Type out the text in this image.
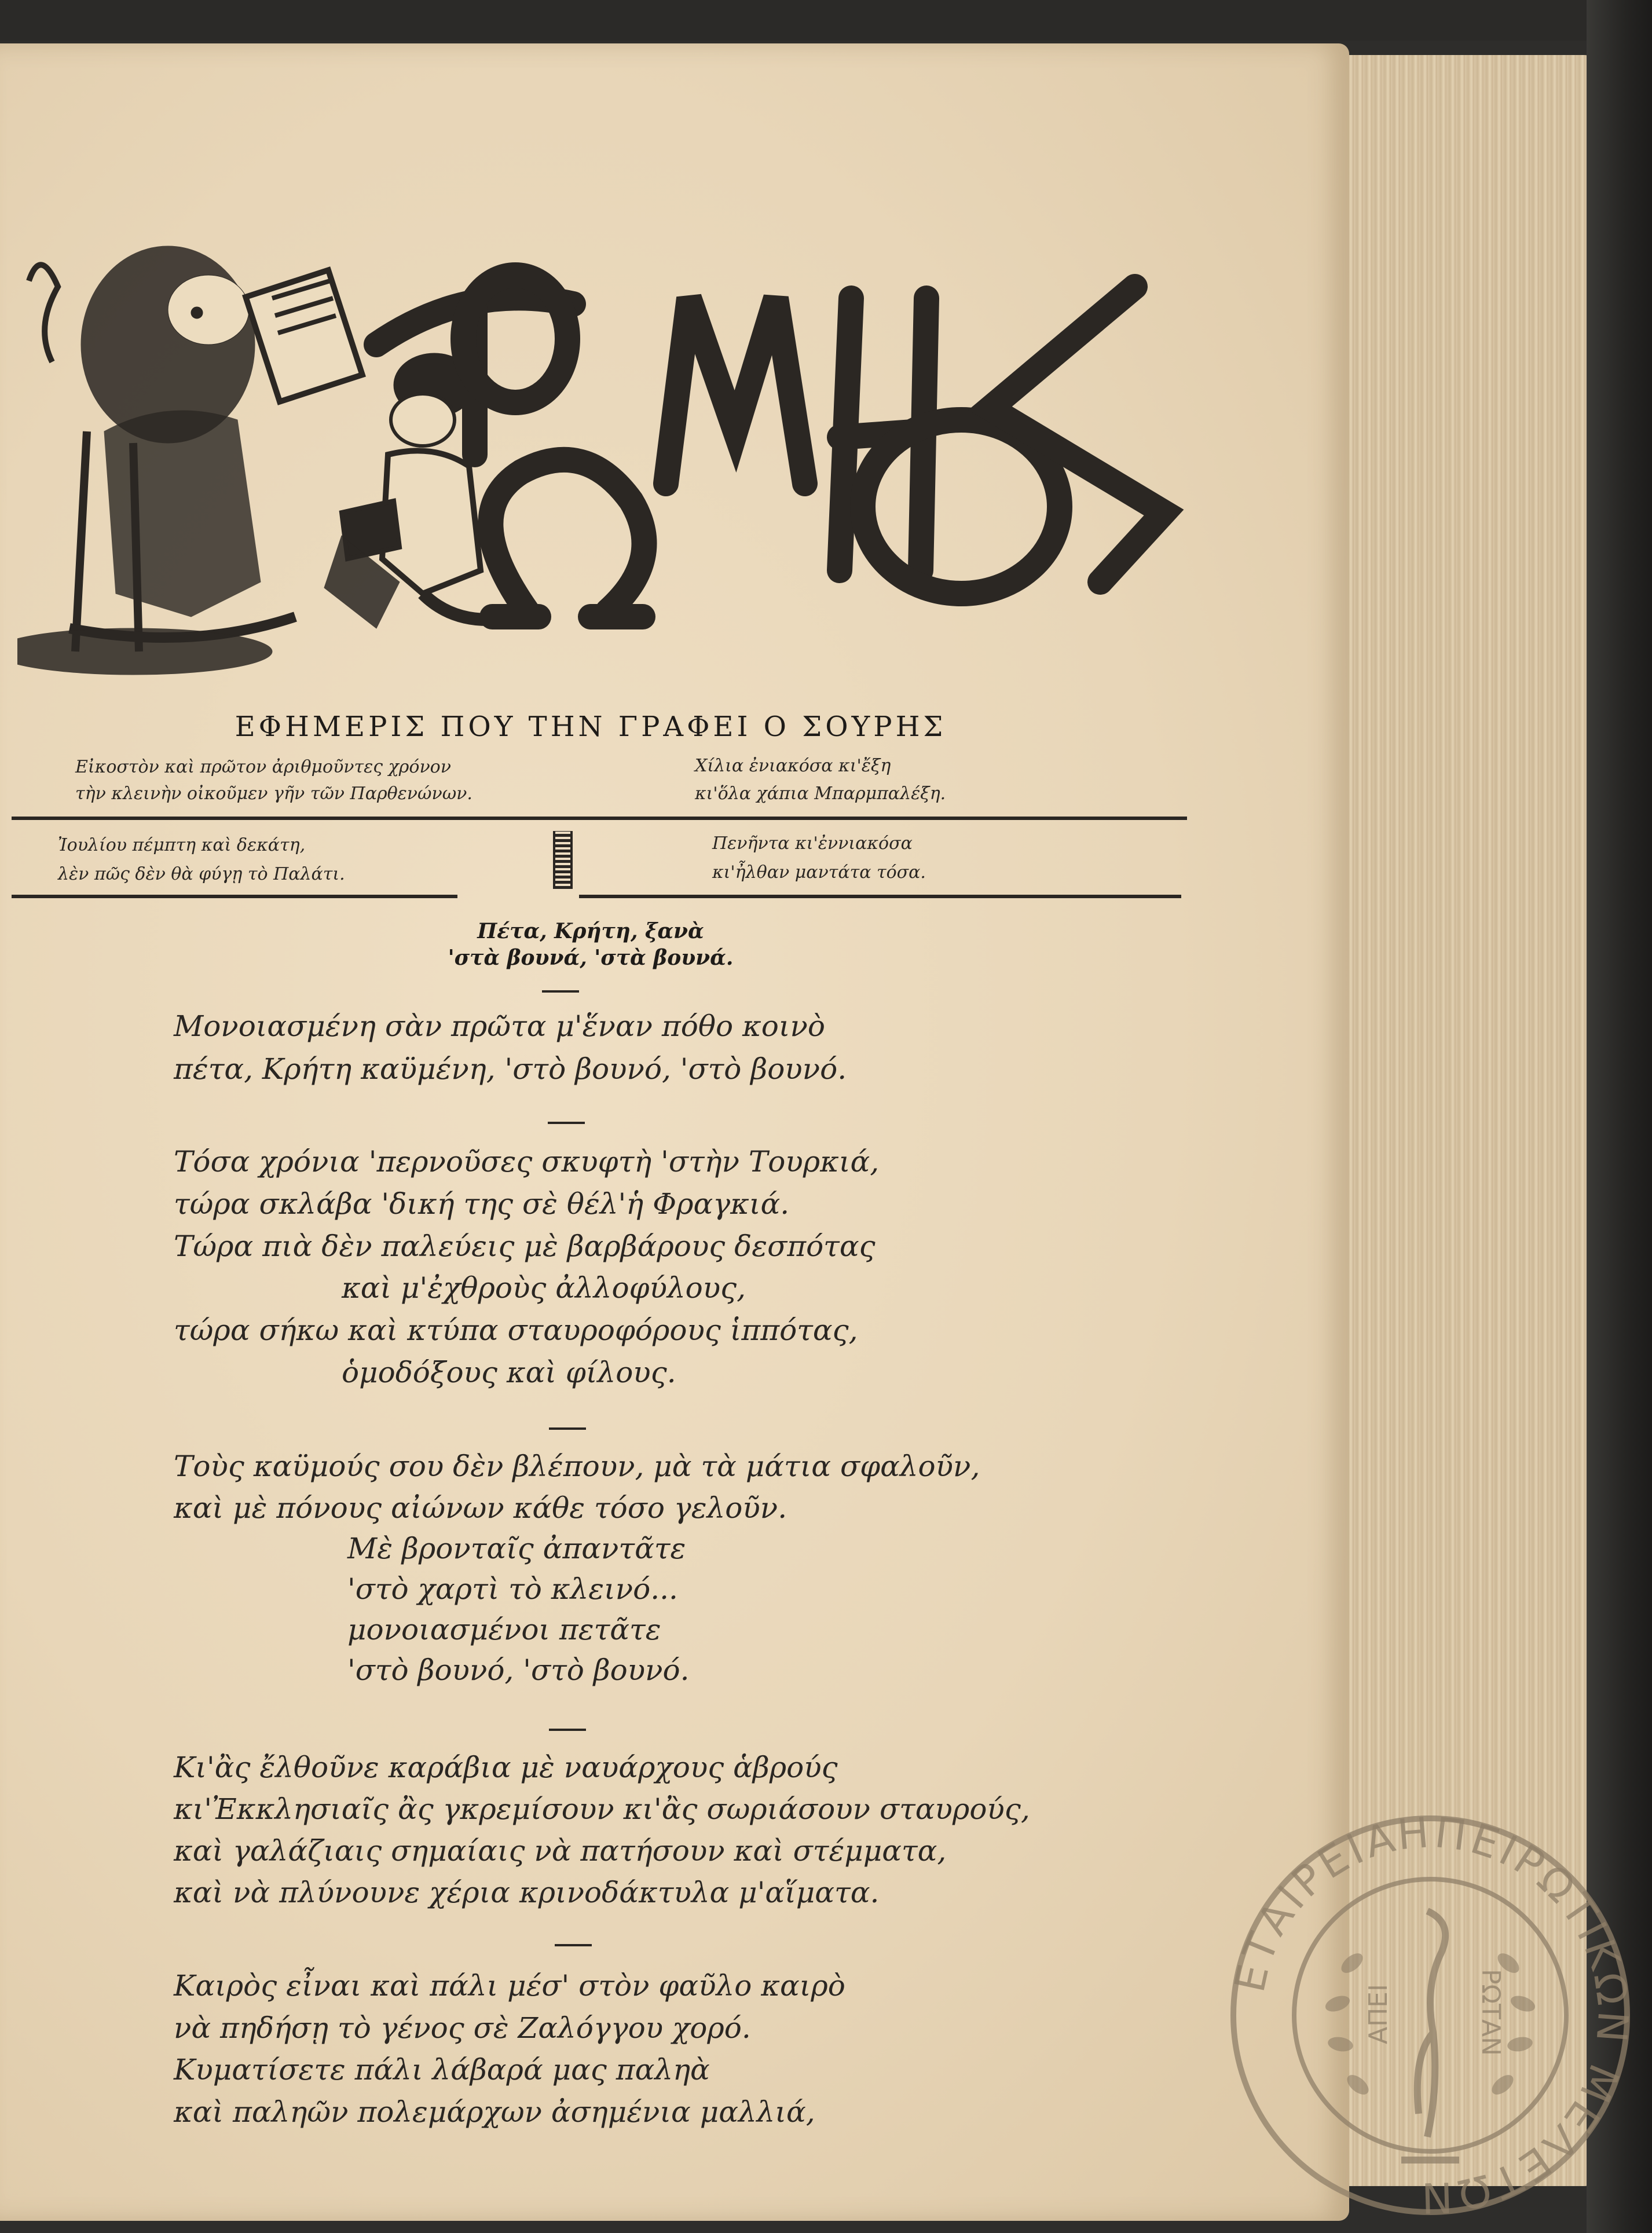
ΕΦΗΜΕΡΙΣ ΠΟΥ ΤΗΝ ΓΡΑΦΕΙ Ο ΣΟΥΡΗΣ
Εἰκοστὸν καὶ πρῶτον ἀριθμοῦντες χρόνον
τὴν κλεινὴν οἰκοῦμεν γῆν τῶν Παρθενώνων.
Χίλια ἐνιακόσα κι'ἔξη
κι'ὅλα χάπια Μπαρμπαλέξη.
Ἰουλίου πέμπτη καὶ δεκάτη,
λὲν πῶς δὲν θὰ φύγῃ τὸ Παλάτι.
Πενῆντα κι'ἐννιακόσα
κι'ἦλθαν μαντάτα τόσα.
Πέτα, Κρήτη, ξανὰ
'στὰ βουνά, 'στὰ βουνά.
Μονοιασμένη σὰν πρῶτα μ'ἕναν πόθο κοινὸ
πέτα, Κρήτη καϋμένη, 'στὸ βουνό, 'στὸ βουνό.
Τόσα χρόνια 'περνοῦσες σκυφτὴ 'στὴν Τουρκιά,
τώρα σκλάβα 'δική της σὲ θέλ'ἡ Φραγκιά.
Τώρα πιὰ δὲν παλεύεις μὲ βαρβάρους δεσπότας
καὶ μ'ἐχθροὺς ἀλλοφύλους,
τώρα σήκω καὶ κτύπα σταυροφόρους ἱππότας,
ὁμοδόξους καὶ φίλους.
Τοὺς καϋμούς σου δὲν βλέπουν, μὰ τὰ μάτια σφαλοῦν,
καὶ μὲ πόνους αἰώνων κάθε τόσο γελοῦν.
Μὲ βρονταῖς ἀπαντᾶτε
'στὸ χαρτὶ τὸ κλεινό...
μονοιασμένοι πετᾶτε
'στὸ βουνό, 'στὸ βουνό.
Κι'ἂς ἔλθοῦνε καράβια μὲ ναυάρχους ἁβρούς
κι'Ἐκκλησιαῖς ἂς γκρεμίσουν κι'ἂς σωριάσουν σταυρούς,
καὶ γαλάζιαις σημαίαις νὰ πατήσουν καὶ στέμματα,
καὶ νὰ πλύνουνε χέρια κρινοδάκτυλα μ'αἵματα.
Καιρὸς εἶναι καὶ πάλι μέσ' στὸν φαῦλο καιρὸ
νὰ πηδήσῃ τὸ γένος σὲ Ζαλόγγου χορό.
Κυματίσετε πάλι λάβαρά μας παληὰ
καὶ παληῶν πολεμάρχων ἀσημένια μαλλιά,
ΗΠΕΙΡΩΤΙΚΩΝ ΜΕΛΕΤΩΝ
ΕΤΑΙΡΕΙΑ
ΑΠΕΙ	ΡΩΤΑΝ
